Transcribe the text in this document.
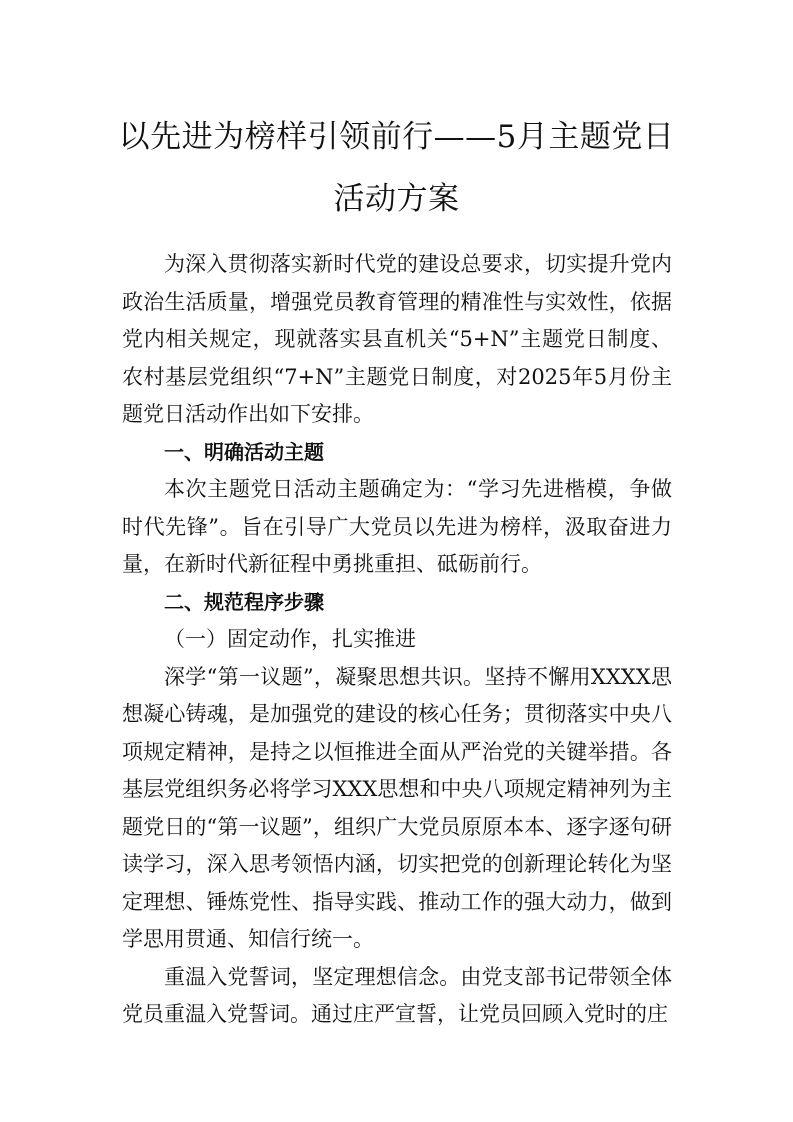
以先进为榜样引领前行——5月主题党日活动方案

为深入贯彻落实新时代党的建设总要求，切实提升党内政治生活质量，增强党员教育管理的精准性与实效性，依据党内相关规定，现就落实县直机关“5+N”主题党日制度、农村基层党组织“7+N”主题党日制度，对2025年5月份主题党日活动作出如下安排。

一、明确活动主题

本次主题党日活动主题确定为：“学习先进楷模，争做时代先锋”。旨在引导广大党员以先进为榜样，汲取奋进力量，在新时代新征程中勇挑重担、砥砺前行。

二、规范程序步骤

（一）固定动作，扎实推进

深学“第一议题”，凝聚思想共识。坚持不懈用XXXX思想凝心铸魂，是加强党的建设的核心任务；贯彻落实中央八项规定精神，是持之以恒推进全面从严治党的关键举措。各基层党组织务必将学习XXX思想和中央八项规定精神列为主题党日的“第一议题”，组织广大党员原原本本、逐字逐句研读学习，深入思考领悟内涵，切实把党的创新理论转化为坚定理想、锤炼党性、指导实践、推动工作的强大动力，做到学思用贯通、知信行统一。

重温入党誓词，坚定理想信念。由党支部书记带领全体党员重温入党誓词。通过庄严宣誓，让党员回顾入党时的庄
